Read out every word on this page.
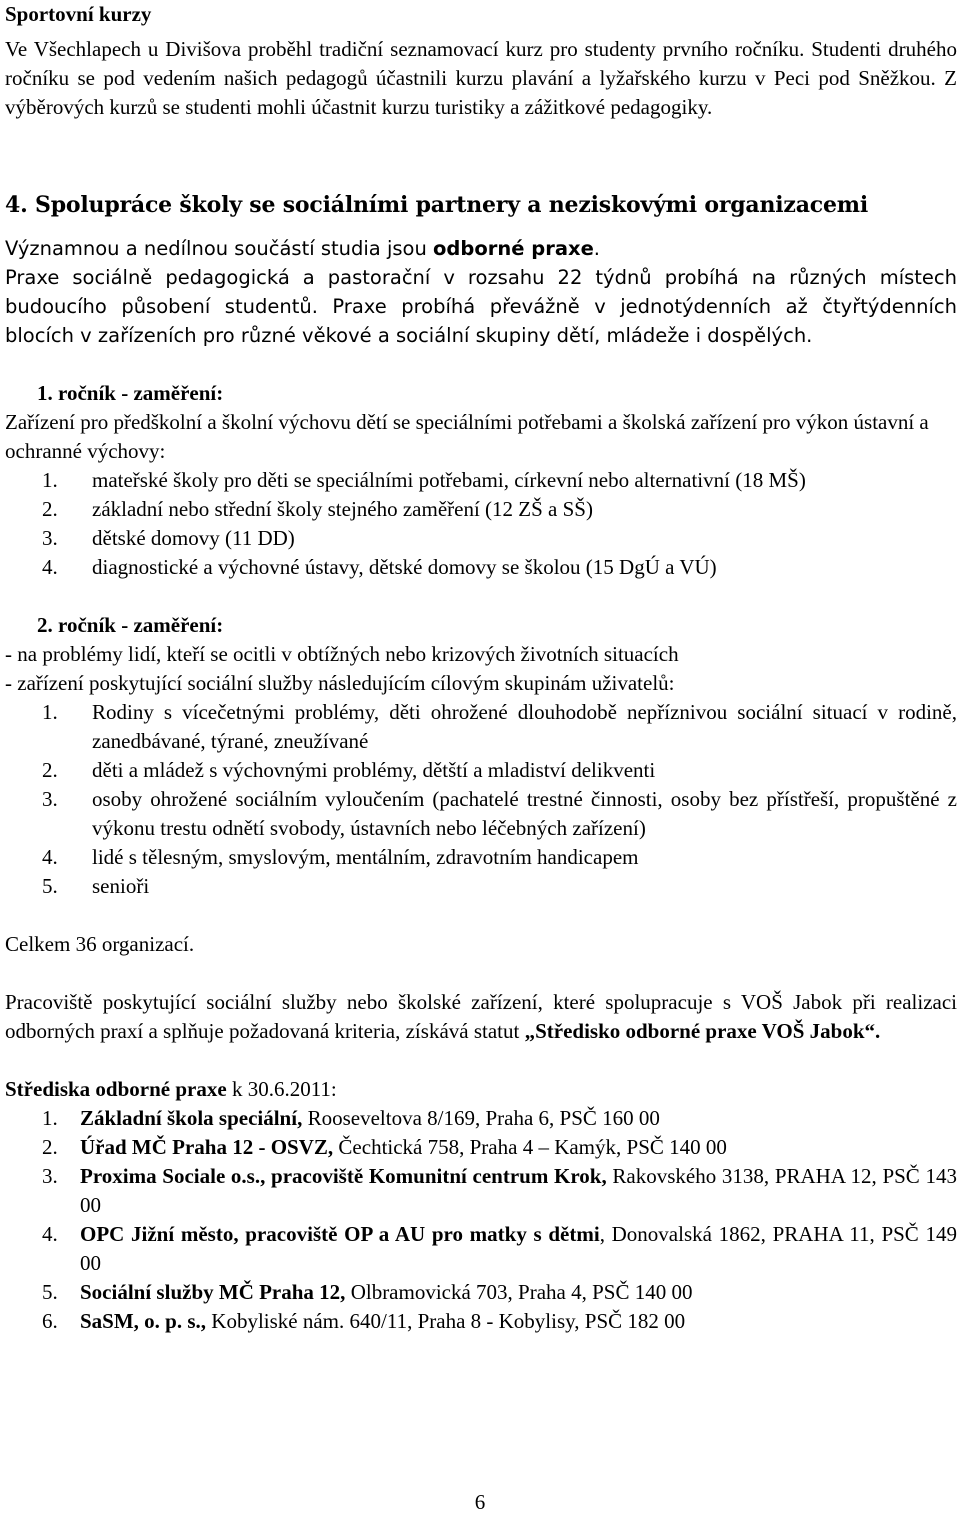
Sportovní kurzy

Ve Všechlapech u Divišova proběhl tradiční seznamovací kurz pro studenty prvního ročníku. Studenti druhého ročníku se pod vedením našich pedagogů účastnili kurzu plavání a lyžařského kurzu v Peci pod Sněžkou. Z výběrových kurzů se studenti mohli účastnit kurzu turistiky a zážitkové pedagogiky.

4. Spolupráce školy se sociálními partnery a neziskovými organizacemi

Významnou a nedílnou součástí studia jsou odborné praxe.

Praxe sociálně pedagogická a pastorační v rozsahu 22 týdnů probíhá na různých místech budoucího působení studentů. Praxe probíhá převážně v jednotýdenních až čtyřtýdenních blocích v zařízeních pro různé věkové a sociální skupiny dětí, mládeže i dospělých.

1. ročník - zaměření:

Zařízení pro předškolní a školní výchovu dětí se speciálními potřebami a školská zařízení pro výkon ústavní a ochranné výchovy:

1. mateřské školy pro děti se speciálními potřebami, církevní nebo alternativní (18 MŠ)
2. základní nebo střední školy stejného zaměření (12 ZŠ a SŠ)
3. dětské domovy (11 DD)
4. diagnostické a výchovné ústavy, dětské domovy se školou (15 DgÚ a VÚ)
2. ročník - zaměření:

- na problémy lidí, kteří se ocitli v obtížných nebo krizových životních situacích

- zařízení poskytující sociální služby následujícím cílovým skupinám uživatelů:

1. Rodiny s vícečetnými problémy, děti ohrožené dlouhodobě nepříznivou sociální situací v rodině, zanedbávané, týrané, zneužívané
2. děti a mládež s výchovnými problémy, dětští a mladiství delikventi
3. osoby ohrožené sociálním vyloučením (pachatelé trestné činnosti, osoby bez přístřeší, propuštěné z výkonu trestu odnětí svobody, ústavních nebo léčebných zařízení)
4. lidé s tělesným, smyslovým, mentálním, zdravotním handicapem
5. senioři

Celkem 36 organizací.

Pracoviště poskytující sociální služby nebo školské zařízení, které spolupracuje s VOŠ Jabok při realizaci odborných praxí a splňuje požadovaná kriteria, získává statut „Středisko odborné praxe VOŠ Jabok“.

Střediska odborné praxe k 30.6.2011:

1. Základní škola speciální, Rooseveltova 8/169, Praha 6, PSČ 160 00
2. Úřad MČ Praha 12 - OSVZ, Čechtická 758, Praha 4 – Kamýk, PSČ 140 00
3. Proxima Sociale o.s., pracoviště Komunitní centrum Krok, Rakovského 3138, PRAHA 12, PSČ 143 00
4. OPC Jižní město, pracoviště OP a AU pro matky s dětmi, Donovalská 1862, PRAHA 11, PSČ 149 00
5. Sociální služby MČ Praha 12, Olbramovická 703, Praha 4, PSČ 140 00
6. SaSM, o. p. s., Kobyliské nám. 640/11, Praha 8 - Kobylisy, PSČ 182 00
6
